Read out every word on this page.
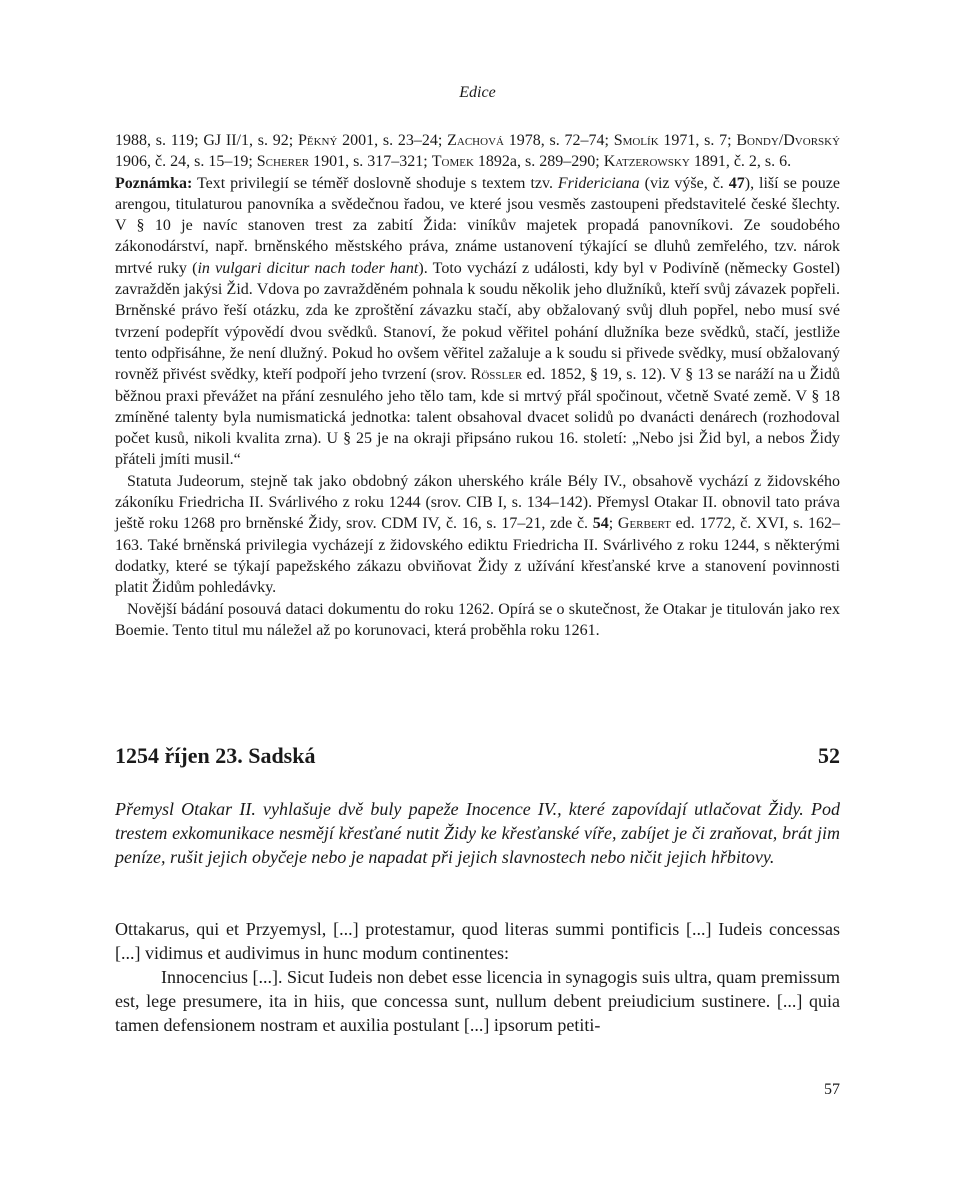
Edice

1988, s. 119; GJ II/1, s. 92; Pěkný 2001, s. 23–24; Zachová 1978, s. 72–74; Smolík 1971, s. 7; Bondy/Dvorský 1906, č. 24, s. 15–19; Scherer 1901, s. 317–321; Tomek 1892a, s. 289–290; Katzerowsky 1891, č. 2, s. 6.

Poznámka: Text privilegií se téměř doslovně shoduje s textem tzv. Fridericiana (viz výše, č. 47), liší se pouze arengou, titulaturou panovníka a svědečnou řadou, ve které jsou vesměs zastoupeni představitelé české šlechty. V § 10 je navíc stanoven trest za zabití Žida: viníkův majetek propadá panovníkovi. Ze soudobého zákonodárství, např. brněnského městského práva, známe ustanovení týkající se dluhů zemřelého, tzv. nárok mrtvé ruky (in vulgari dicitur nach toder hant). Toto vychází z události, kdy byl v Podivíně (německy Gostel) zavražděn jakýsi Žid. Vdova po zavražděném pohnala k soudu několik jeho dlužníků, kteří svůj závazek popřeli. Brněnské právo řeší otázku, zda ke zproštění závazku stačí, aby obžalovaný svůj dluh popřel, nebo musí své tvrzení podepřít výpovědí dvou svědků. Stanoví, že pokud věřitel pohání dlužníka beze svědků, stačí, jestliže tento odpřisáhne, že není dlužný. Pokud ho ovšem věřitel zažaluje a k soudu si přivede svědky, musí obžalovaný rovněž přivést svědky, kteří podpoří jeho tvrzení (srov. Rössler ed. 1852, § 19, s. 12). V § 13 se naráží na u Židů běžnou praxi převážet na přání zesnulého jeho tělo tam, kde si mrtvý přál spočinout, včetně Svaté země. V § 18 zmíněné talenty byla numismatická jednotka: talent obsahoval dvacet solidů po dvanácti denárech (rozhodoval počet kusů, nikoli kvalita zrna). U § 25 je na okraji připsáno rukou 16. století: „Nebo jsi Žid byl, a nebos Židy přáteli jmíti musil.“

Statuta Judeorum, stejně tak jako obdobný zákon uherského krále Bély IV., obsahově vychází z židovského zákoníku Friedricha II. Svárlivého z roku 1244 (srov. CIB I, s. 134–142). Přemysl Otakar II. obnovil tato práva ještě roku 1268 pro brněnské Židy, srov. CDM IV, č. 16, s. 17–21, zde č. 54; Gerbert ed. 1772, č. XVI, s. 162–163. Také brněnská privilegia vycházejí z židovského ediktu Friedricha II. Svárlivého z roku 1244, s některými dodatky, které se týkají papežského zákazu obviňovat Židy z užívání křesťanské krve a stanovení povinnosti platit Židům pohledávky.

Novější bádání posouvá dataci dokumentu do roku 1262. Opírá se o skutečnost, že Otakar je titulován jako rex Boemie. Tento titul mu náležel až po korunovaci, která proběhla roku 1261.

1254 říjen 23. Sadská	52
Přemysl Otakar II. vyhlašuje dvě buly papeže Inocence IV., které zapovídají utlačovat Židy. Pod trestem exkomunikace nesmějí křesťané nutit Židy ke křesťanské víře, zabíjet je či zraňovat, brát jim peníze, rušit jejich obyčeje nebo je napadat při jejich slavnostech nebo ničit jejich hřbitovy.

Ottakarus, qui et Przyemysl, [...] protestamur, quod literas summi pontificis [...] Iudeis concessas [...] vidimus et audivimus in hunc modum continentes:

Innocencius [...]. Sicut Iudeis non debet esse licencia in synagogis suis ultra, quam premissum est, lege presumere, ita in hiis, que concessa sunt, nullum debent preiudicium sustinere. [...] quia tamen defensionem nostram et auxilia postulant [...] ipsorum petiti-

57
